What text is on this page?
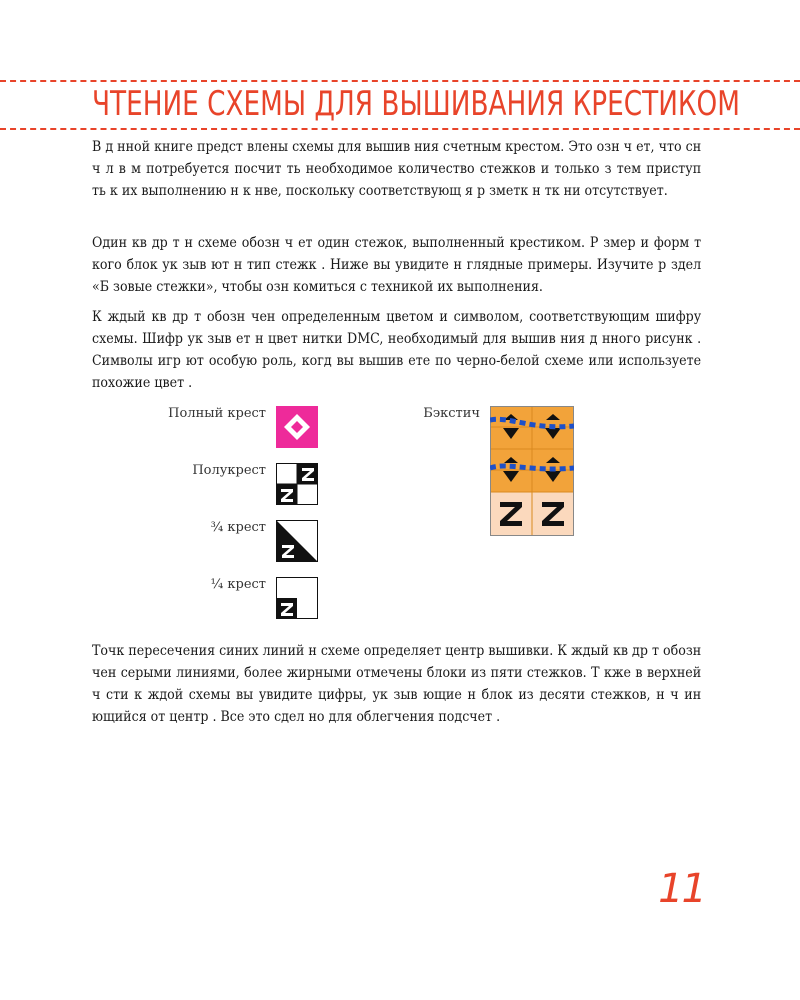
ЧТЕНИЕ СХЕМЫ ДЛЯ ВЫШИВАНИЯ КРЕСТИКОМ

В д нной книге предст влены схемы для вышив ния счетным крестом. Это озн ч ет, что сн ч л в м потребуется посчит ть необходимое количество стежков и только з тем приступ ть к их выполнению н к нве, поскольку соответствующ я р зметк н тк ни отсутствует.

Один кв др т н схеме обозн ч ет один стежок, выполненный крестиком. Р змер и форм т кого блок ук зыв ют н тип стежк . Ниже вы увидите н глядные примеры. Изучите р здел «Б зовые стежки», чтобы озн комиться с техникой их выполнения.

К ждый кв др т обозн чен определенным цветом и символом, соответствующим шифру схемы. Шифр ук зыв ет н цвет нитки DMC, необходимый для вышив ния д нного рисунк . Символы игр ют особую роль, когд вы вышив ете по черно-белой схеме или используете похожие цвет .

Полный крест
Полукрест
¾ крест
¼ крест
Бэкстич

Точк пересечения синих линий н схеме определяет центр вышивки. К ждый кв др т обозн чен серыми линиями, более жирными отмечены блоки из пяти стежков. Т кже в верхней ч сти к ждой схемы вы увидите цифры, ук зыв ющие н блок из десяти стежков, н ч ин ющийся от центр . Все это сдел но для облегчения подсчет .

11
